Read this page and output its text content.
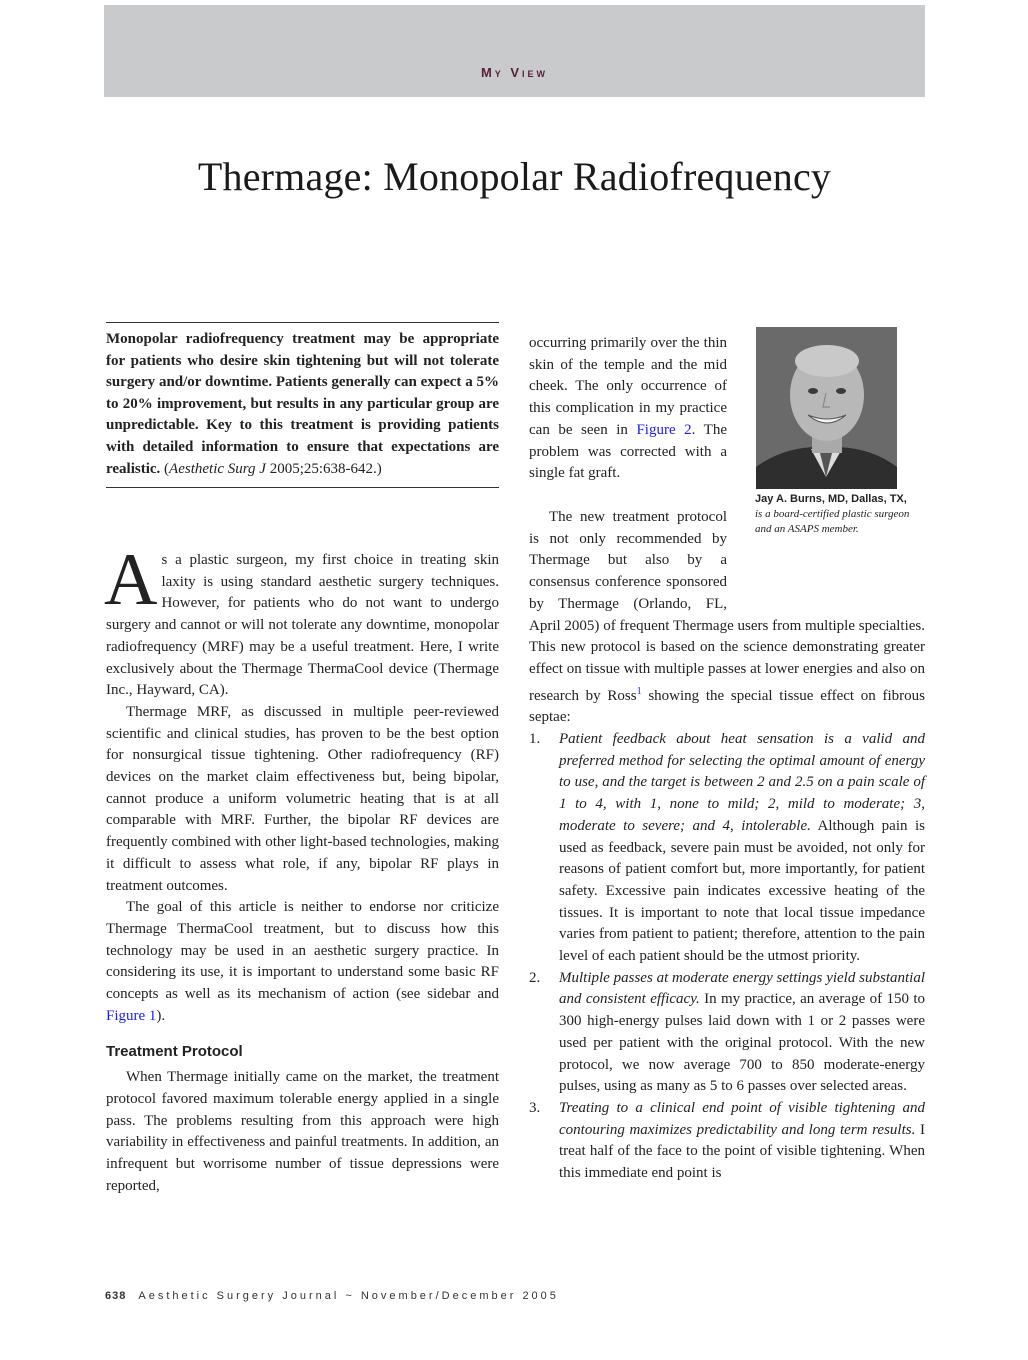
My View
Thermage: Monopolar Radiofrequency
Monopolar radiofrequency treatment may be appropriate for patients who desire skin tightening but will not tolerate surgery and/or downtime. Patients generally can expect a 5% to 20% improvement, but results in any particular group are unpredictable. Key to this treatment is providing patients with detailed information to ensure that expectations are realistic. (Aesthetic Surg J 2005;25:638-642.)

As a plastic surgeon, my first choice in treating skin laxity is using standard aesthetic surgery techniques. However, for patients who do not want to undergo surgery and cannot or will not tolerate any downtime, monopolar radiofrequency (MRF) may be a useful treatment. Here, I write exclusively about the Thermage ThermaCool device (Thermage Inc., Hayward, CA).

Thermage MRF, as discussed in multiple peer-reviewed scientific and clinical studies, has proven to be the best option for nonsurgical tissue tightening. Other radiofrequency (RF) devices on the market claim effectiveness but, being bipolar, cannot produce a uniform volumetric heating that is at all comparable with MRF. Further, the bipolar RF devices are frequently combined with other light-based technologies, making it difficult to assess what role, if any, bipolar RF plays in treatment outcomes.

The goal of this article is neither to endorse nor criticize Thermage ThermaCool treatment, but to discuss how this technology may be used in an aesthetic surgery practice. In considering its use, it is important to understand some basic RF concepts as well as its mechanism of action (see sidebar and Figure 1).

Treatment Protocol

When Thermage initially came on the market, the treatment protocol favored maximum tolerable energy applied in a single pass. The problems resulting from this approach were high variability in effectiveness and painful treatments. In addition, an infrequent but worrisome number of tissue depressions were reported,

Jay A. Burns, MD, Dallas, TX,
is a board-certified plastic surgeon and an ASAPS member.

occurring primarily over the thin skin of the temple and the mid cheek. The only occurrence of this complication in my practice can be seen in Figure 2. The problem was corrected with a single fat graft.

The new treatment protocol is not only recommended by Thermage but also by a consensus conference sponsored by Thermage (Orlando, FL, April 2005) of frequent Thermage users from multiple specialties. This new protocol is based on the science demonstrating greater effect on tissue with multiple passes at lower energies and also on research by Ross$^1$ showing the special tissue effect on fibrous septae:

1. Patient feedback about heat sensation is a valid and preferred method for selecting the optimal amount of energy to use, and the target is between 2 and 2.5 on a pain scale of 1 to 4, with 1, none to mild; 2, mild to moderate; 3, moderate to severe; and 4, intolerable. Although pain is used as feedback, severe pain must be avoided, not only for reasons of patient comfort but, more importantly, for patient safety. Excessive pain indicates excessive heating of the tissues. It is important to note that local tissue impedance varies from patient to patient; therefore, attention to the pain level of each patient should be the utmost priority.
2. Multiple passes at moderate energy settings yield substantial and consistent efficacy. In my practice, an average of 150 to 300 high-energy pulses laid down with 1 or 2 passes were used per patient with the original protocol. With the new protocol, we now average 700 to 850 moderate-energy pulses, using as many as 5 to 6 passes over selected areas.
3. Treating to a clinical end point of visible tightening and contouring maximizes predictability and long term results. I treat half of the face to the point of visible tightening. When this immediate end point is
638 Aesthetic Surgery Journal ~ November/December 2005
